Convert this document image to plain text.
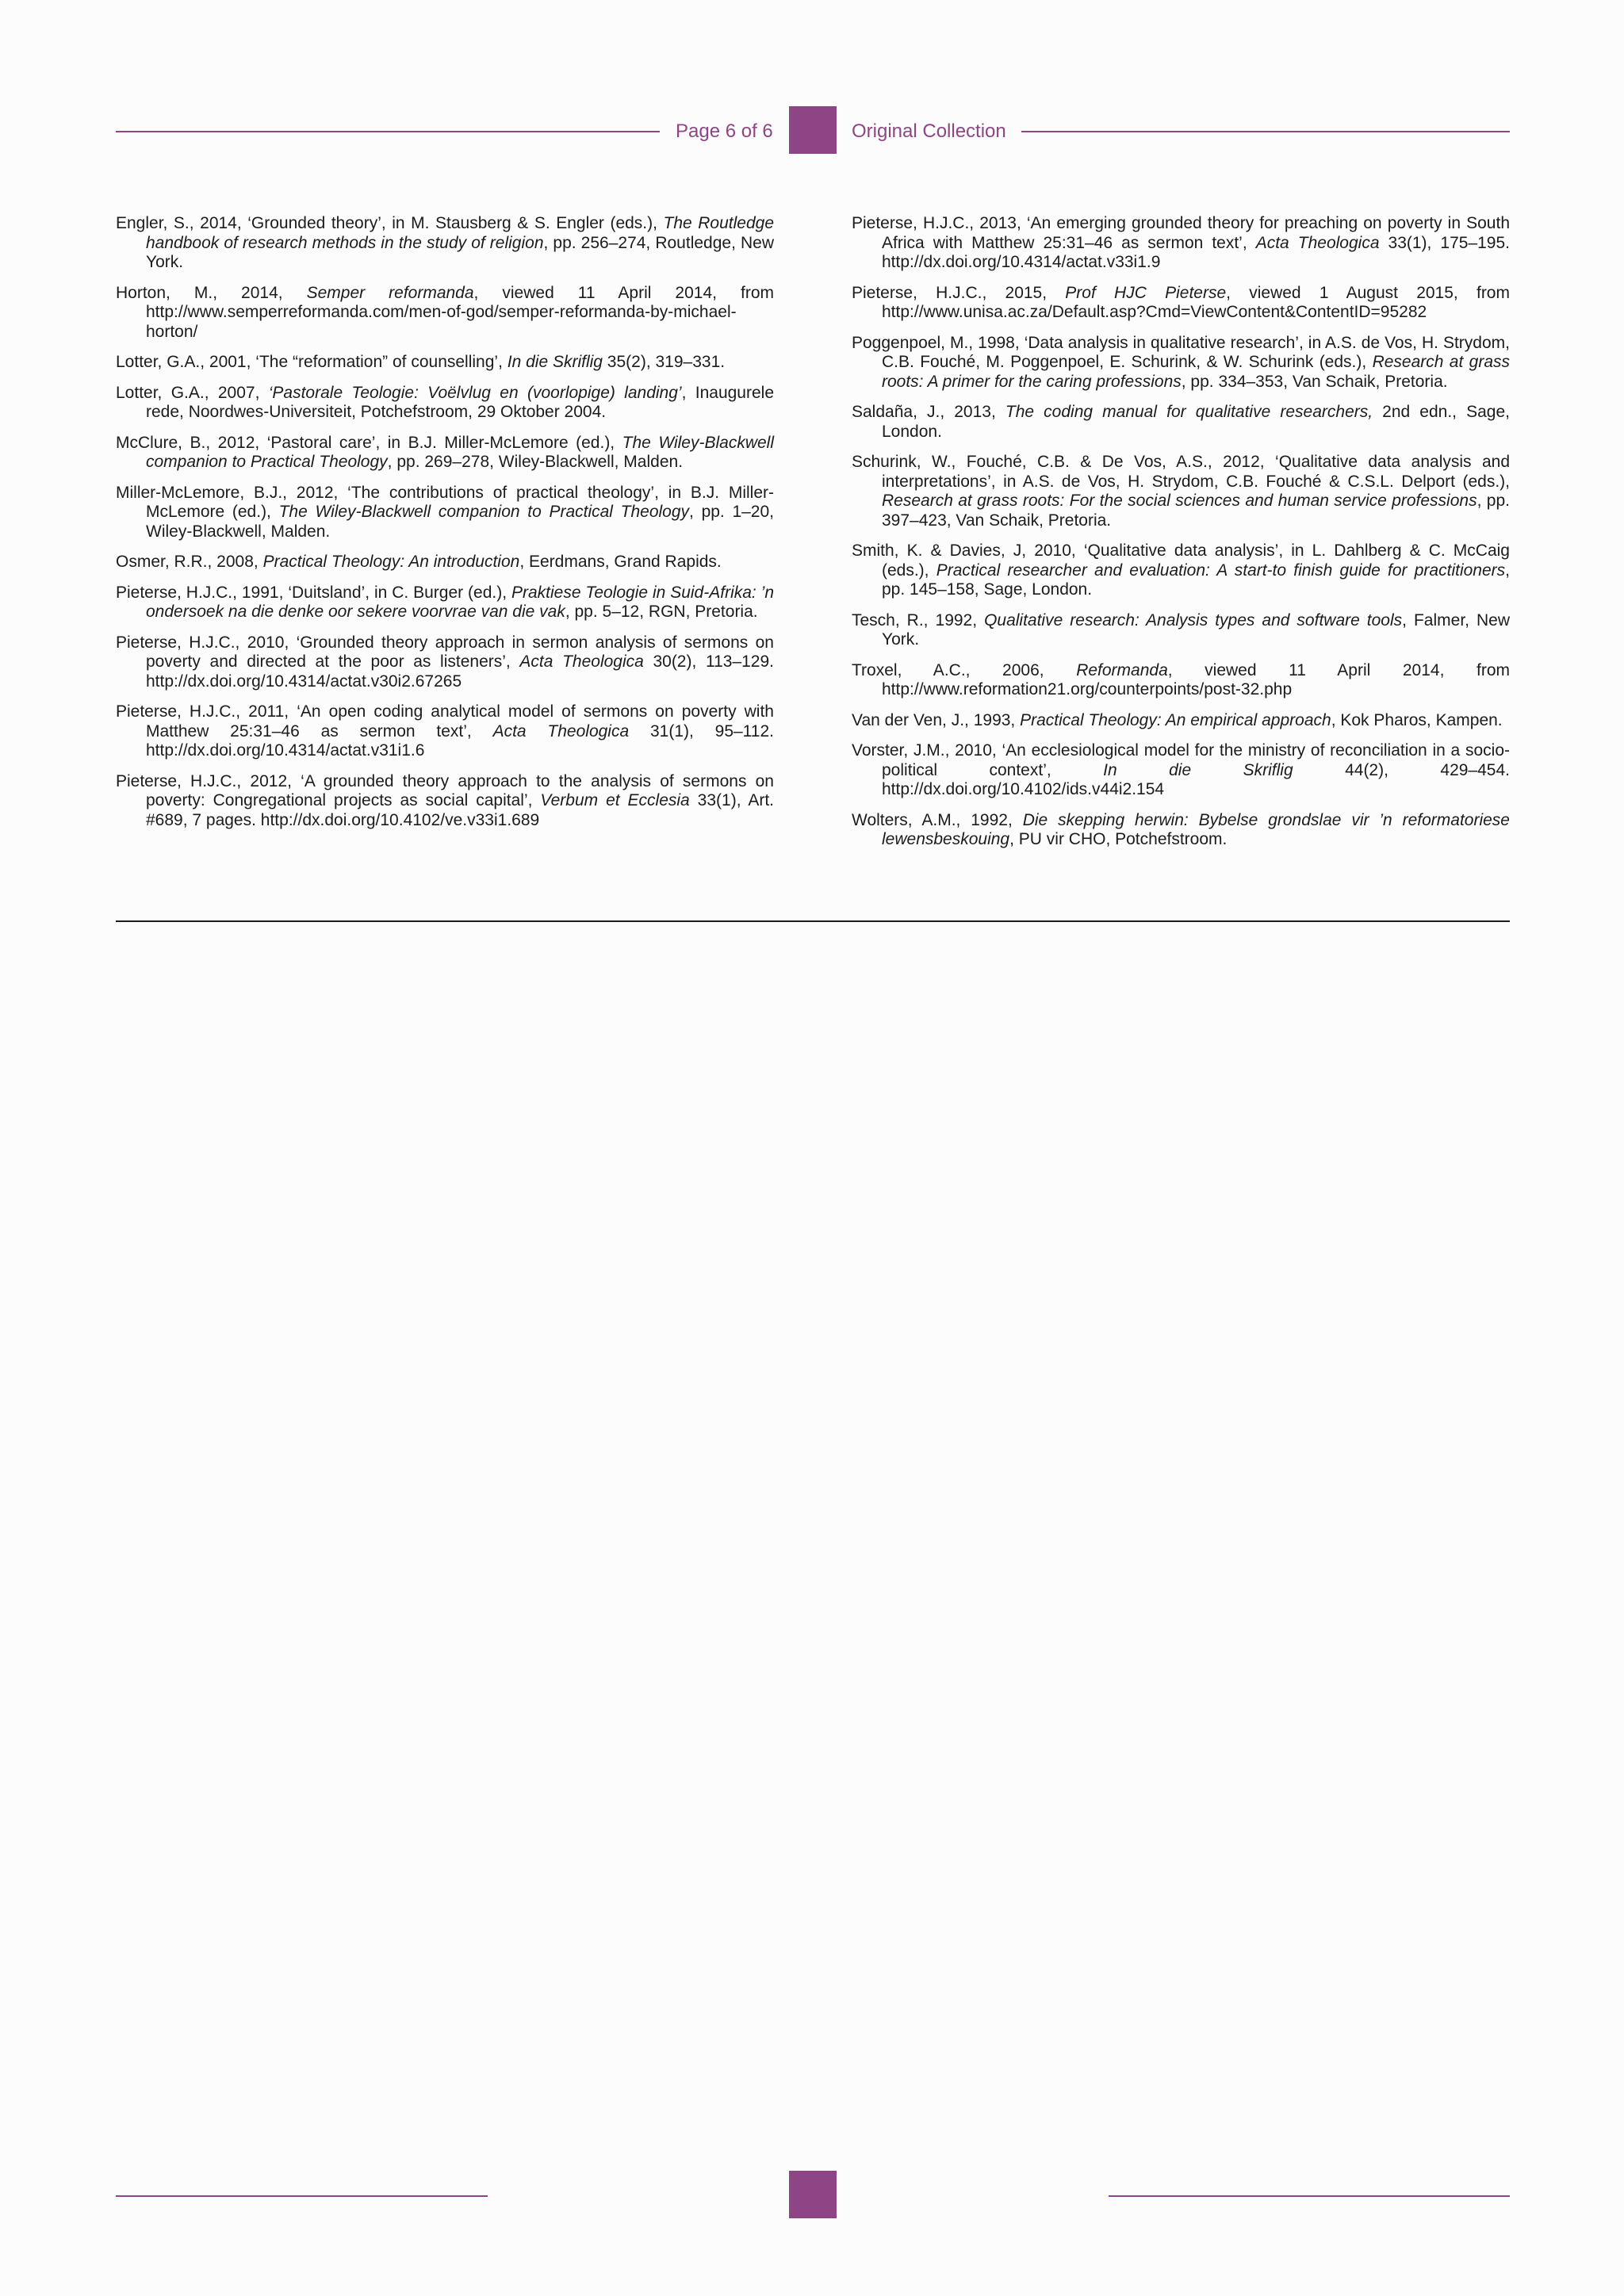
Page 6 of 6	Original Collection

Engler, S., 2014, ‘Grounded theory’, in M. Stausberg & S. Engler (eds.), The Routledge handbook of research methods in the study of religion, pp. 256–274, Routledge, New York.

Horton, M., 2014, Semper reformanda, viewed 11 April 2014, from http://www.semperreformanda.com/men-of-god/semper-reformanda-by-michael-horton/

Lotter, G.A., 2001, ‘The “reformation” of counselling’, In die Skriflig 35(2), 319–331.

Lotter, G.A., 2007, ‘Pastorale Teologie: Voëlvlug en (voorlopige) landing’, Inaugurele rede, Noordwes-Universiteit, Potchefstroom, 29 Oktober 2004.

McClure, B., 2012, ‘Pastoral care’, in B.J. Miller-McLemore (ed.), The Wiley-Blackwell companion to Practical Theology, pp. 269–278, Wiley-Blackwell, Malden.

Miller-McLemore, B.J., 2012, ‘The contributions of practical theology’, in B.J. Miller-McLemore (ed.), The Wiley-Blackwell companion to Practical Theology, pp. 1–20, Wiley-Blackwell, Malden.

Osmer, R.R., 2008, Practical Theology: An introduction, Eerdmans, Grand Rapids.

Pieterse, H.J.C., 1991, ‘Duitsland’, in C. Burger (ed.), Praktiese Teologie in Suid-Afrika: ’n ondersoek na die denke oor sekere voorvrae van die vak, pp. 5–12, RGN, Pretoria.

Pieterse, H.J.C., 2010, ‘Grounded theory approach in sermon analysis of sermons on poverty and directed at the poor as listeners’, Acta Theologica 30(2), 113–129. http://dx.doi.org/10.4314/actat.v30i2.67265

Pieterse, H.J.C., 2011, ‘An open coding analytical model of sermons on poverty with Matthew 25:31–46 as sermon text’, Acta Theologica 31(1), 95–112. http://dx.doi.org/10.4314/actat.v31i1.6

Pieterse, H.J.C., 2012, ‘A grounded theory approach to the analysis of sermons on poverty: Congregational projects as social capital’, Verbum et Ecclesia 33(1), Art. #689, 7 pages. http://dx.doi.org/10.4102/ve.v33i1.689

Pieterse, H.J.C., 2013, ‘An emerging grounded theory for preaching on poverty in South Africa with Matthew 25:31–46 as sermon text’, Acta Theologica 33(1), 175–195. http://dx.doi.org/10.4314/actat.v33i1.9

Pieterse, H.J.C., 2015, Prof HJC Pieterse, viewed 1 August 2015, from http://www.unisa.ac.za/Default.asp?Cmd=ViewContent&ContentID=95282

Poggenpoel, M., 1998, ‘Data analysis in qualitative research’, in A.S. de Vos, H. Strydom, C.B. Fouché, M. Poggenpoel, E. Schurink, & W. Schurink (eds.), Research at grass roots: A primer for the caring professions, pp. 334–353, Van Schaik, Pretoria.

Saldaña, J., 2013, The coding manual for qualitative researchers, 2nd edn., Sage, London.

Schurink, W., Fouché, C.B. & De Vos, A.S., 2012, ‘Qualitative data analysis and interpretations’, in A.S. de Vos, H. Strydom, C.B. Fouché & C.S.L. Delport (eds.), Research at grass roots: For the social sciences and human service professions, pp. 397–423, Van Schaik, Pretoria.

Smith, K. & Davies, J, 2010, ‘Qualitative data analysis’, in L. Dahlberg & C. McCaig (eds.), Practical researcher and evaluation: A start-to finish guide for practitioners, pp. 145–158, Sage, London.

Tesch, R., 1992, Qualitative research: Analysis types and software tools, Falmer, New York.

Troxel, A.C., 2006, Reformanda, viewed 11 April 2014, from http://www.reformation21.org/counterpoints/post-32.php

Van der Ven, J., 1993, Practical Theology: An empirical approach, Kok Pharos, Kampen.

Vorster, J.M., 2010, ‘An ecclesiological model for the ministry of reconciliation in a socio-political context’, In die Skriflig 44(2), 429–454. http://dx.doi.org/10.4102/ids.v44i2.154

Wolters, A.M., 1992, Die skepping herwin: Bybelse grondslae vir ’n reformatoriese lewensbeskouing, PU vir CHO, Potchefstroom.
